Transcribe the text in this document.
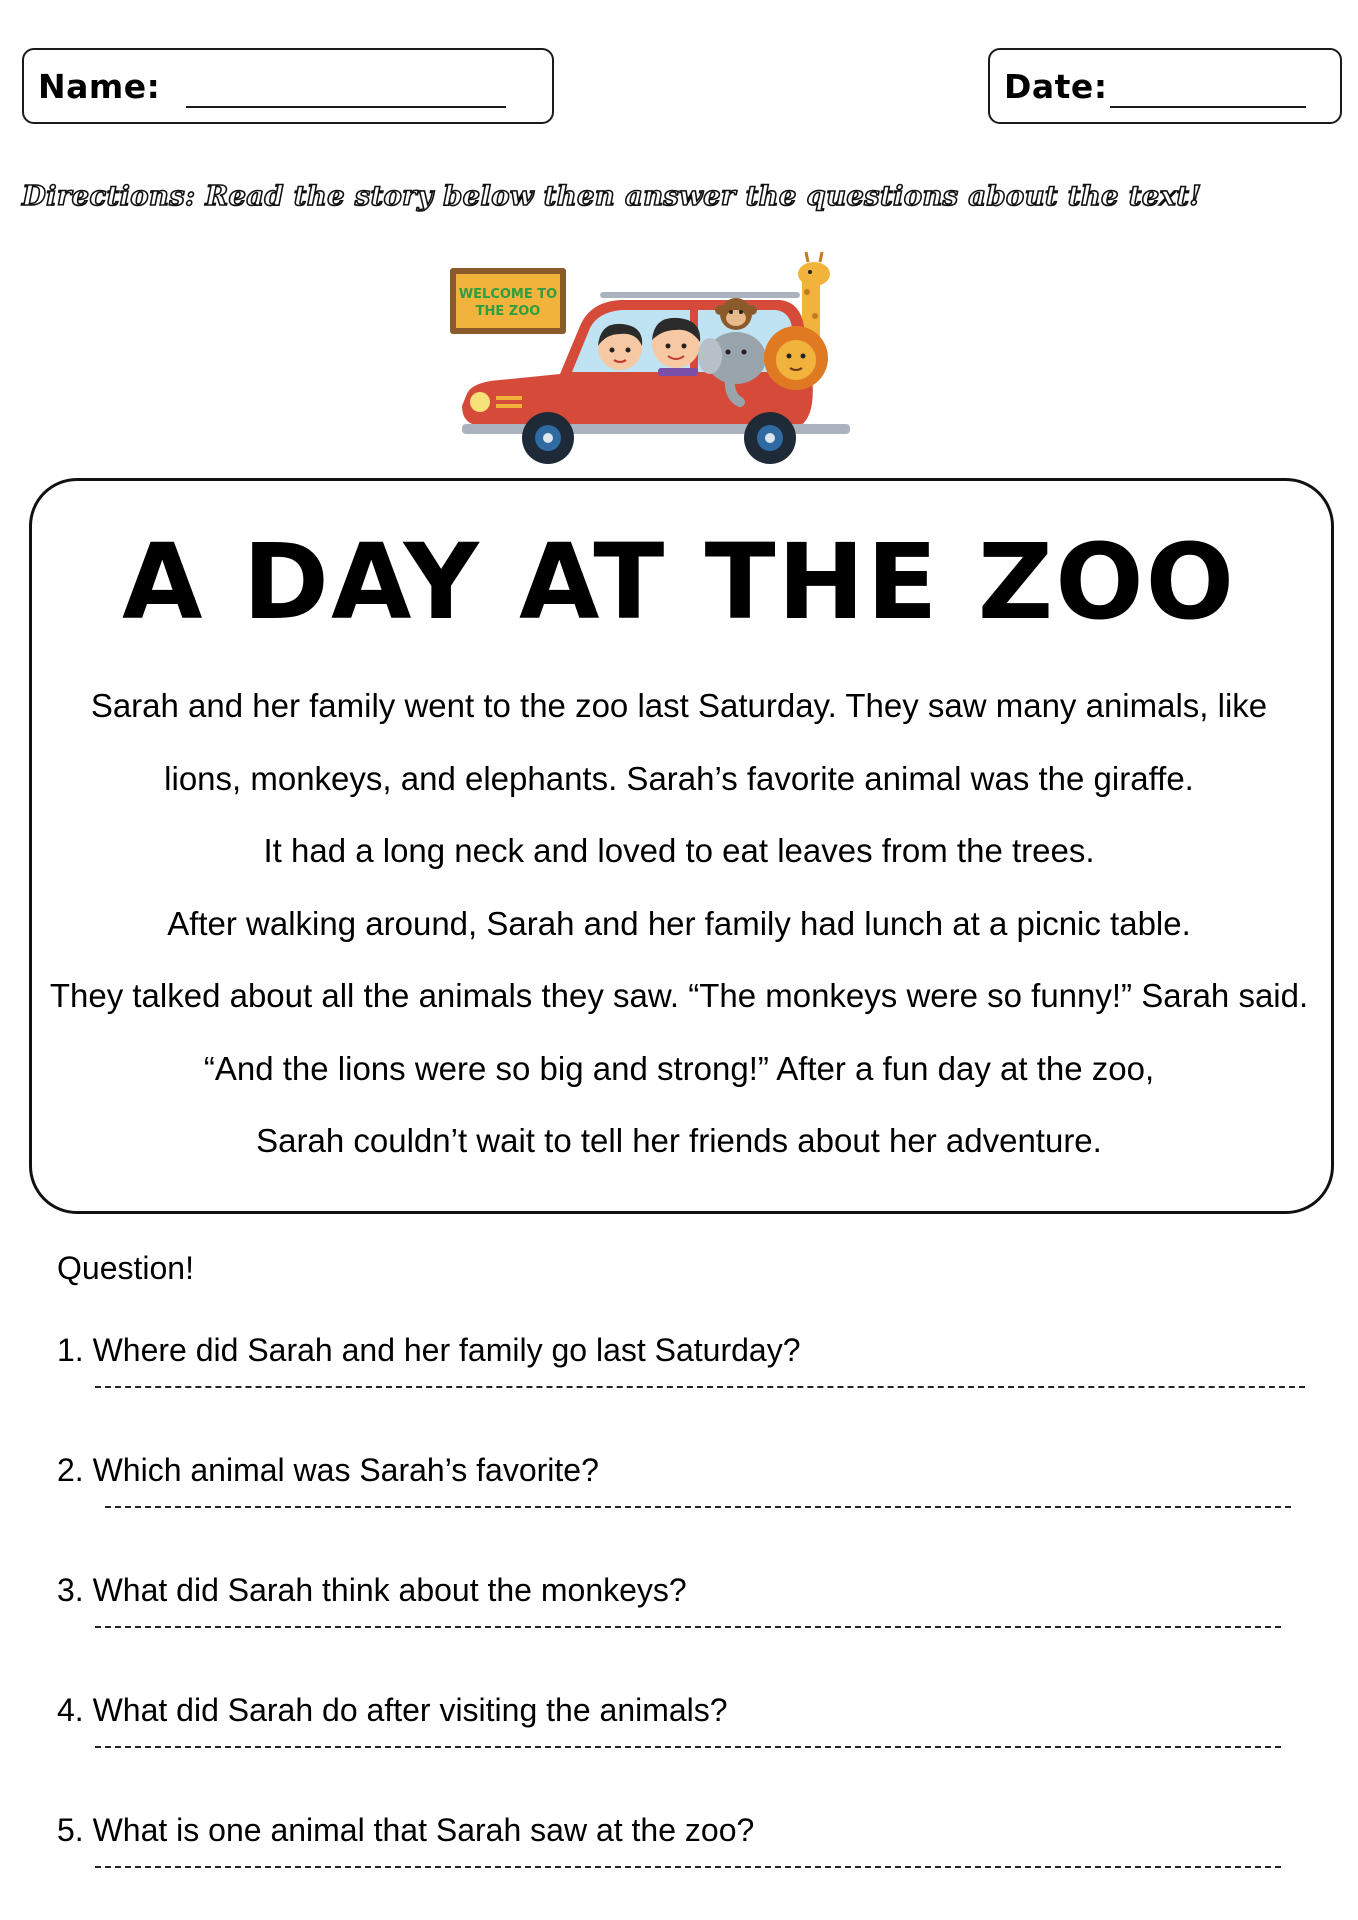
Name:	Date:
Directions: Read the story below then answer the questions about the text!
WELCOME TO
THE ZOO
A DAY AT THE ZOO
Sarah and her family went to the zoo last Saturday. They saw many animals, like
lions, monkeys, and elephants. Sarah’s favorite animal was the giraffe.
It had a long neck and loved to eat leaves from the trees.
After walking around, Sarah and her family had lunch at a picnic table.
They talked about all the animals they saw. “The monkeys were so funny!” Sarah said.
“And the lions were so big and strong!” After a fun day at the zoo,
Sarah couldn’t wait to tell her friends about her adventure.
Question!
1. Where did Sarah and her family go last Saturday?
2. Which animal was Sarah’s favorite?
3. What did Sarah think about the monkeys?
4. What did Sarah do after visiting the animals?
5. What is one animal that Sarah saw at the zoo?
